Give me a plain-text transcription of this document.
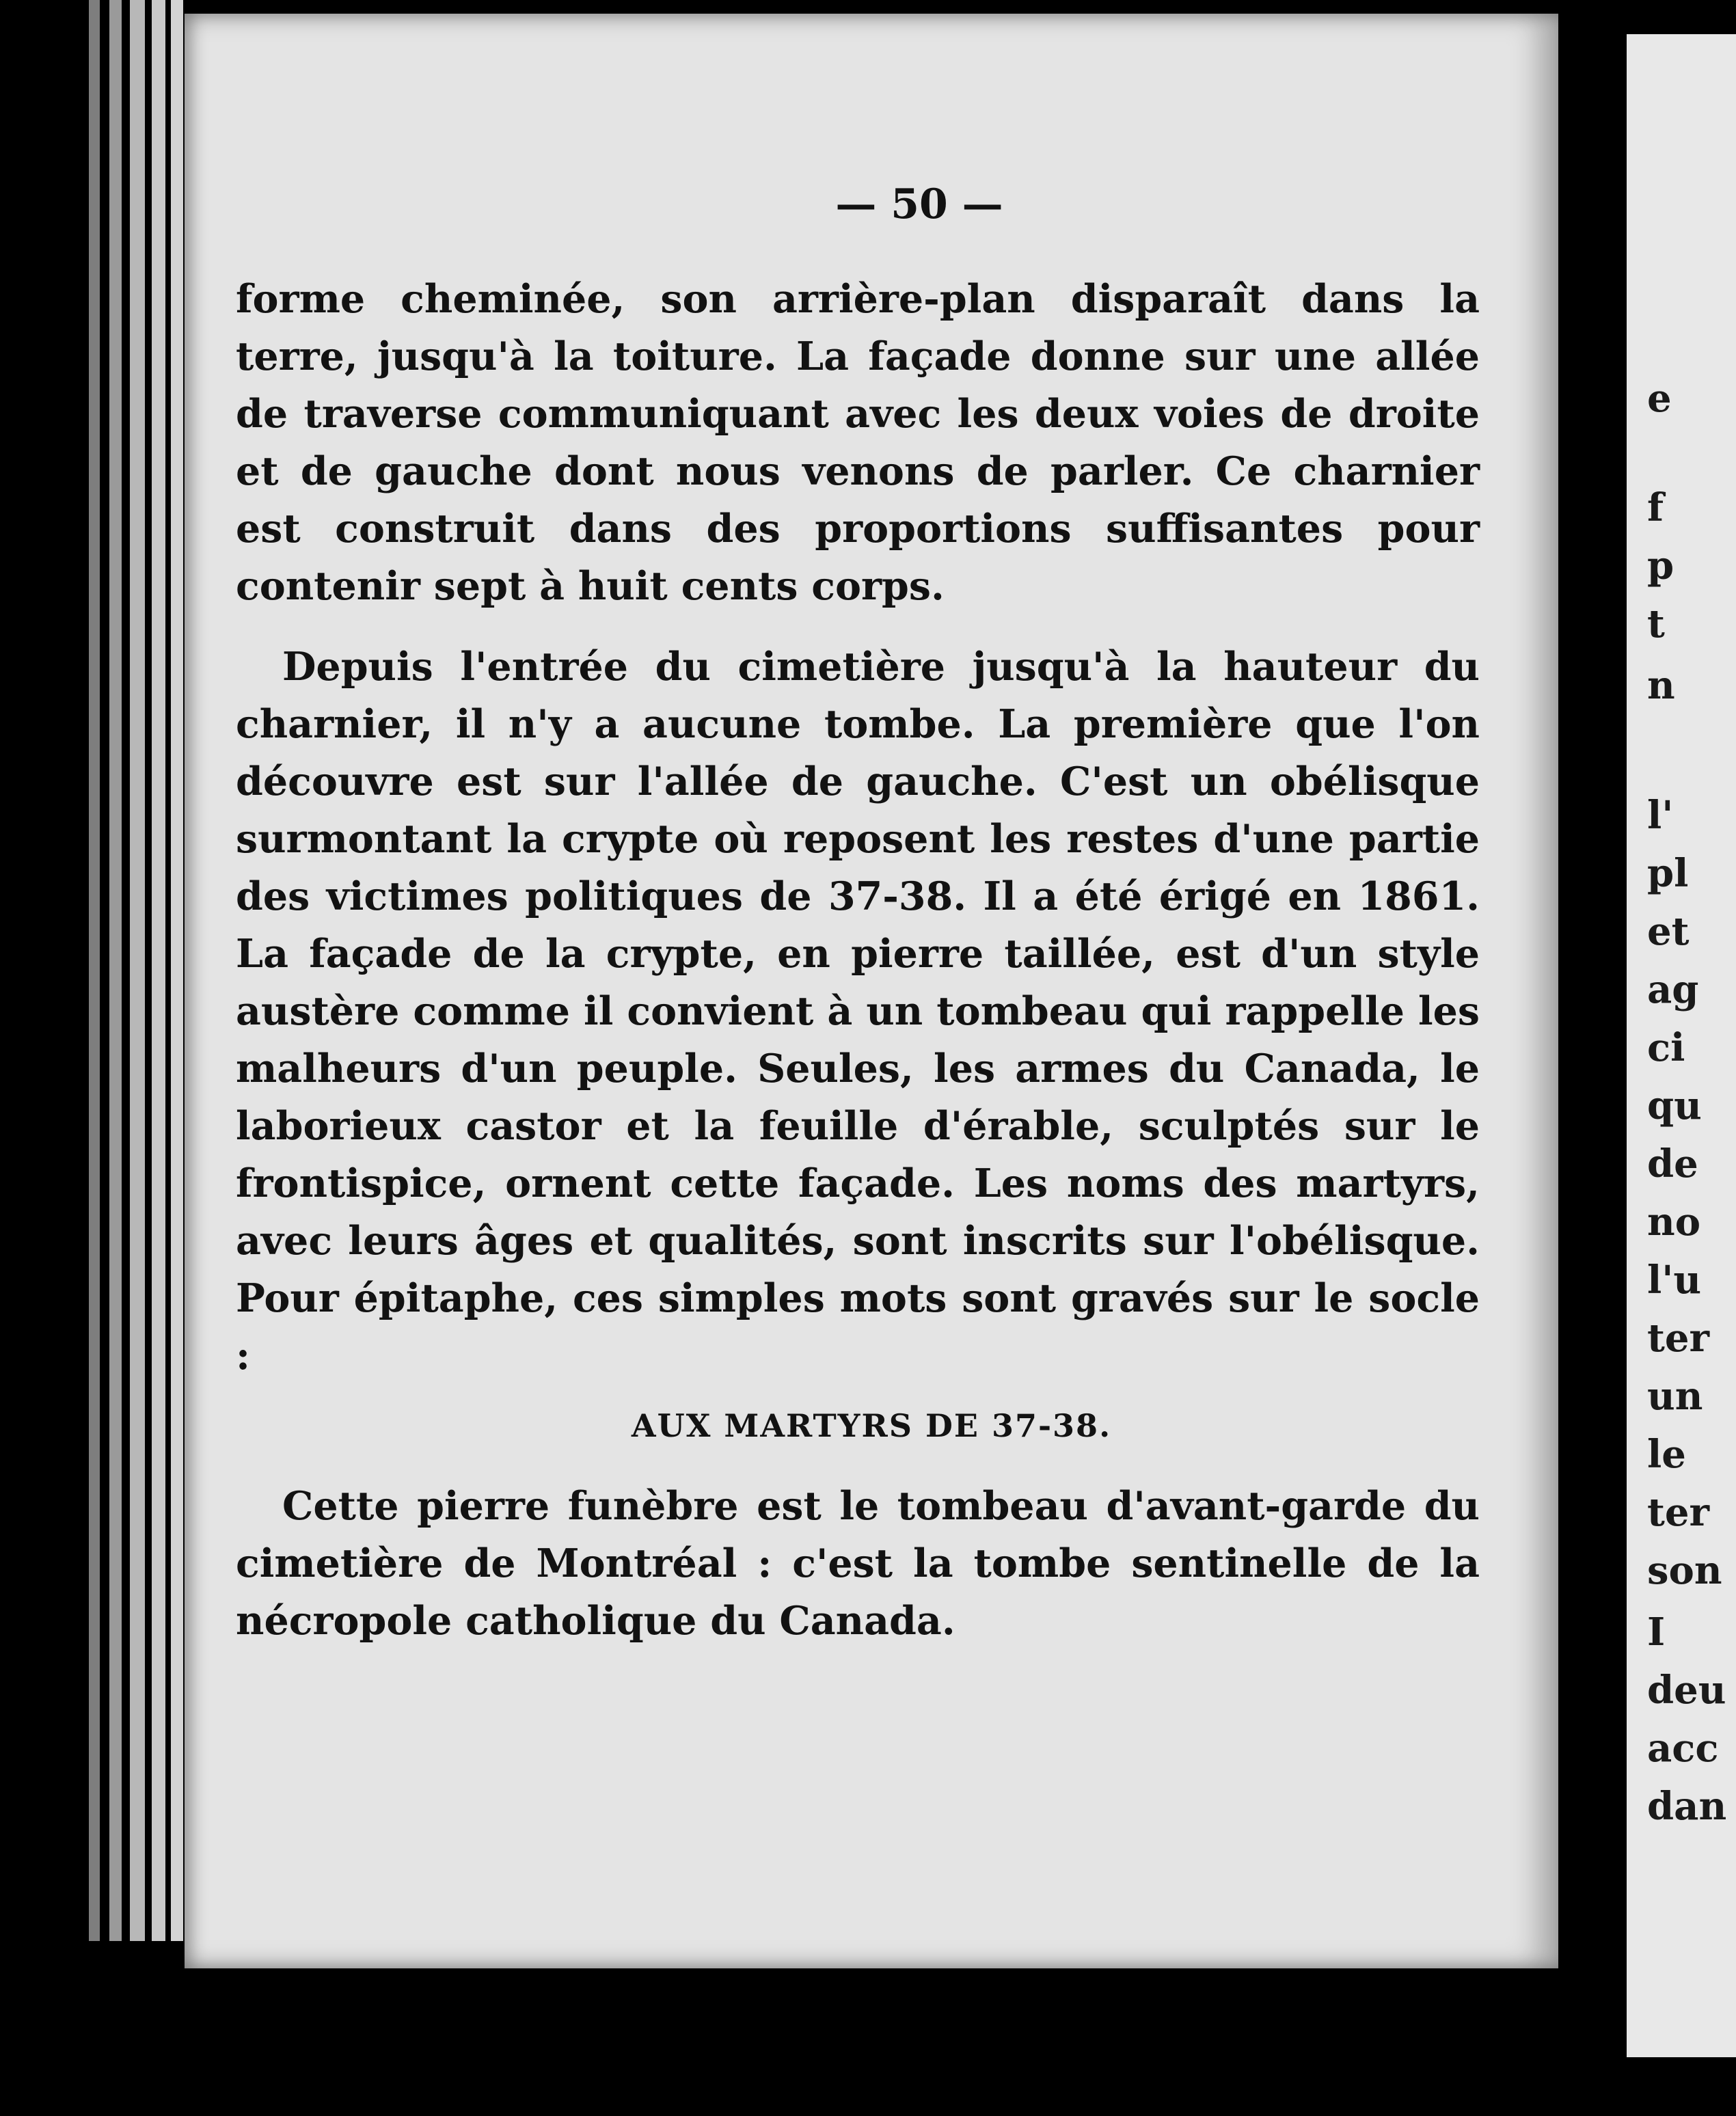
— 50 —

forme cheminée, son arrière-plan disparaît dans la terre, jusqu'à la toiture. La façade donne sur une allée de traverse communiquant avec les deux voies de droite et de gauche dont nous venons de parler. Ce charnier est construit dans des proportions suffisantes pour contenir sept à huit cents corps.

Depuis l'entrée du cimetière jusqu'à la hauteur du charnier, il n'y a aucune tombe. La première que l'on découvre est sur l'allée de gauche. C'est un obélisque surmontant la crypte où reposent les restes d'une partie des victimes politiques de 37-38. Il a été érigé en 1861. La façade de la crypte, en pierre taillée, est d'un style austère comme il convient à un tombeau qui rappelle les malheurs d'un peuple. Seules, les armes du Canada, le laborieux castor et la feuille d'érable, sculptés sur le frontispice, ornent cette façade. Les noms des martyrs, avec leurs âges et qualités, sont inscrits sur l'obélisque. Pour épitaphe, ces simples mots sont gravés sur le socle :

AUX MARTYRS DE 37-38.

Cette pierre funèbre est le tombeau d'avant-garde du cimetière de Montréal : c'est la tombe sentinelle de la nécropole catholique du Canada.

e
f
p
t
n
l'
pl
et
ag
ci
qu
de
no
l'u
ter
un
le
ter
son
I
deu
acc
dan
